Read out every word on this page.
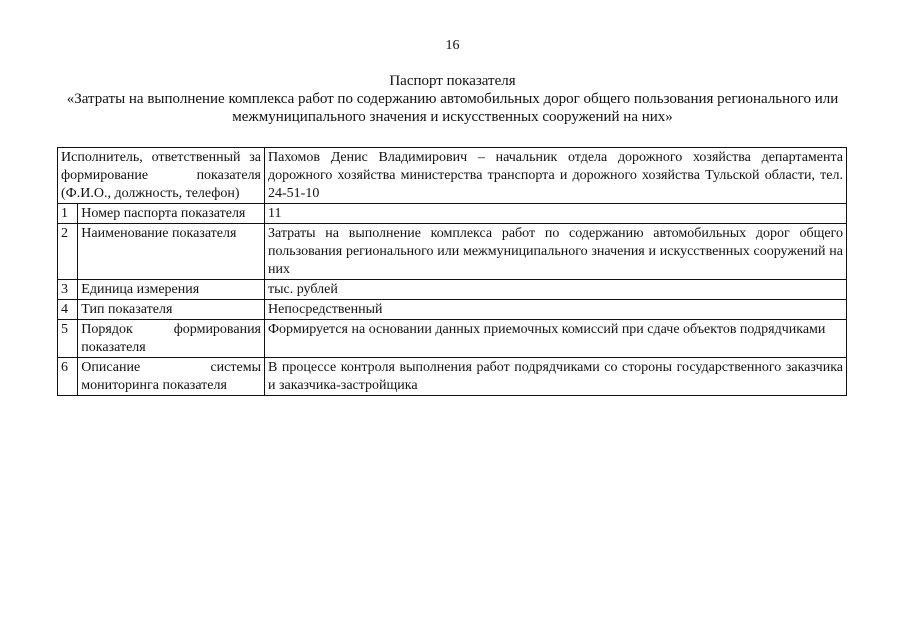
16
Паспорт показателя
«Затраты на выполнение комплекса работ по содержанию автомобильных дорог общего пользования регионального или
межмуниципального значения и искусственных сооружений на них»
Исполнитель, ответственный за формирование показателя (Ф.И.О., должность, телефон)		Пахомов Денис Владимирович – начальник отдела дорожного хозяйства департамента дорожного хозяйства министерства транспорта и дорожного хозяйства Тульской области, тел. 24-51-10
1	Номер паспорта показателя	11
2	Наименование показателя	Затраты на выполнение комплекса работ по содержанию автомобильных дорог общего пользования регионального или межмуниципального значения и искусственных сооружений на них
3	Единица измерения	тыс. рублей
4	Тип показателя	Непосредственный
5	Порядок формирования показателя	Формируется на основании данных приемочных комиссий при сдаче объектов подрядчиками
6	Описание системы мониторинга показателя	В процессе контроля выполнения работ подрядчиками со стороны государственного заказчика и заказчика-застройщика
